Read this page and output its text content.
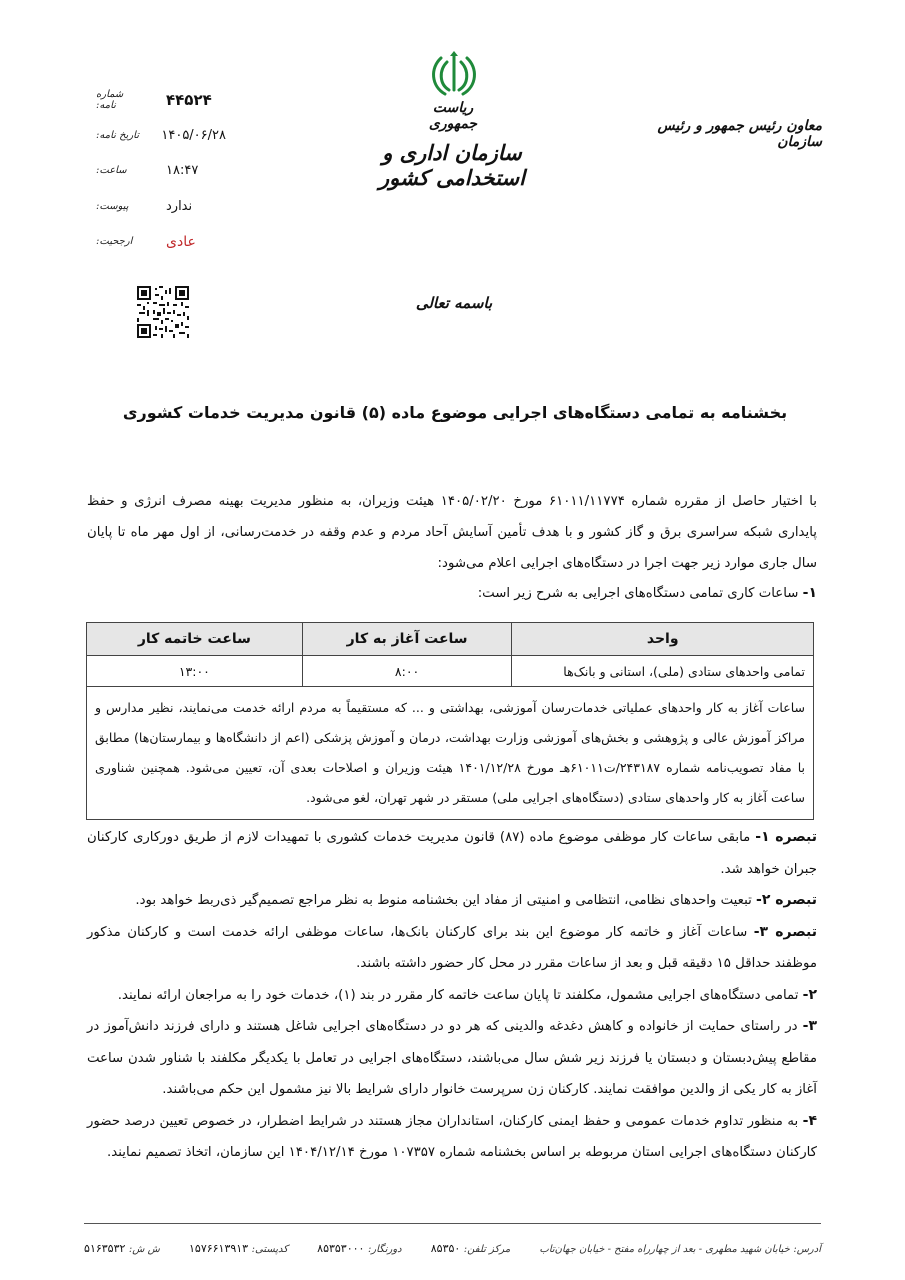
شماره نامه:	۴۴۵۲۴
تاریخ نامه: ۱۴۰۵/۰۶/۲۸
ساعت:	۱۸:۴۷
پیوست:	ندارد
ارجحیت:	عادی
ریاست جمهوری
سازمان اداری و استخدامی کشور
معاون رئیس جمهور و رئیس سازمان
باسمه تعالی
بخشنامه به تمامی دستگاه‌های اجرایی موضوع ماده (۵) قانون مدیریت خدمات کشوری
با اختیار حاصل از مقرره شماره ۶۱۰۱۱/۱۱۷۷۴ مورخ ۱۴۰۵/۰۲/۲۰ هیئت وزیران، به منظور مدیریت بهینه مصرف انرژی و حفظ پایداری شبکه سراسری برق و گاز کشور و با هدف تأمین آسایش آحاد مردم و عدم وقفه در خدمت‌رسانی، از اول مهر ماه تا پایان سال جاری موارد زیر جهت اجرا در دستگاه‌های اجرایی اعلام می‌شود:
۱- ساعات کاری تمامی دستگاه‌های اجرایی به شرح زیر است:
واحد	ساعت آغاز به کار	ساعت خاتمه کار
تمامی واحدهای ستادی (ملی)، استانی و بانک‌ها	۸:۰۰	۱۳:۰۰
ساعات آغاز به کار واحدهای عملیاتی خدمات‌رسان آموزشی، بهداشتی و ... که مستقیماً به مردم ارائه خدمت می‌نمایند، نظیر مدارس و مراکز آموزش عالی و پژوهشی و بخش‌های آموزشی وزارت بهداشت، درمان و آموزش پزشکی (اعم از دانشگاه‌ها و بیمارستان‌ها) مطابق با مفاد تصویب‌نامه شماره ۲۴۳۱۸۷/ت۶۱۰۱۱هـ مورخ ۱۴۰۱/۱۲/۲۸ هیئت وزیران و اصلاحات بعدی آن، تعیین می‌شود. همچنین شناوری ساعت آغاز به کار واحدهای ستادی (دستگاه‌های اجرایی ملی) مستقر در شهر تهران، لغو می‌شود.		
تبصره ۱- مابقی ساعات کار موظفی موضوع ماده (۸۷) قانون مدیریت خدمات کشوری با تمهیدات لازم از طریق دورکاری کارکنان جبران خواهد شد.
تبصره ۲- تبعیت واحدهای نظامی، انتظامی و امنیتی از مفاد این بخشنامه منوط به نظر مراجع تصمیم‌گیر ذی‌ربط خواهد بود.
تبصره ۳- ساعات آغاز و خاتمه کار موضوع این بند برای کارکنان بانک‌ها، ساعات موظفی ارائه خدمت است و کارکنان مذکور موظفند حداقل ۱۵ دقیقه قبل و بعد از ساعات مقرر در محل کار حضور داشته باشند.
۲- تمامی دستگاه‌های اجرایی مشمول، مکلفند تا پایان ساعت خاتمه کار مقرر در بند (۱)، خدمات خود را به مراجعان ارائه نمایند.
۳- در راستای حمایت از خانواده و کاهش دغدغه والدینی که هر دو در دستگاه‌های اجرایی شاغل هستند و دارای فرزند دانش‌آموز در مقاطع پیش‌دبستان و دبستان یا فرزند زیر شش سال می‌باشند، دستگاه‌های اجرایی در تعامل با یکدیگر مکلفند با شناور شدن ساعت آغاز به کار یکی از والدین موافقت نمایند. کارکنان زن سرپرست خانوار دارای شرایط بالا نیز مشمول این حکم می‌باشند.
۴- به منظور تداوم خدمات عمومی و حفظ ایمنی کارکنان، استانداران مجاز هستند در شرایط اضطرار، در خصوص تعیین درصد حضور کارکنان دستگاه‌های اجرایی استان مربوطه بر اساس بخشنامه شماره ۱۰۷۳۵۷ مورخ ۱۴۰۴/۱۲/۱۴ این سازمان، اتخاذ تصمیم نمایند.
آدرس: خیابان شهید مطهری - بعد از چهارراه مفتح - خیابان جهان‌تاب
مرکز تلفن: ۸۵۳۵۰
دورنگار: ۸۵۳۵۳۰۰۰
کدپستی: ۱۵۷۶۶۱۳۹۱۳
ش ش: ۵۱۶۳۵۳۲
